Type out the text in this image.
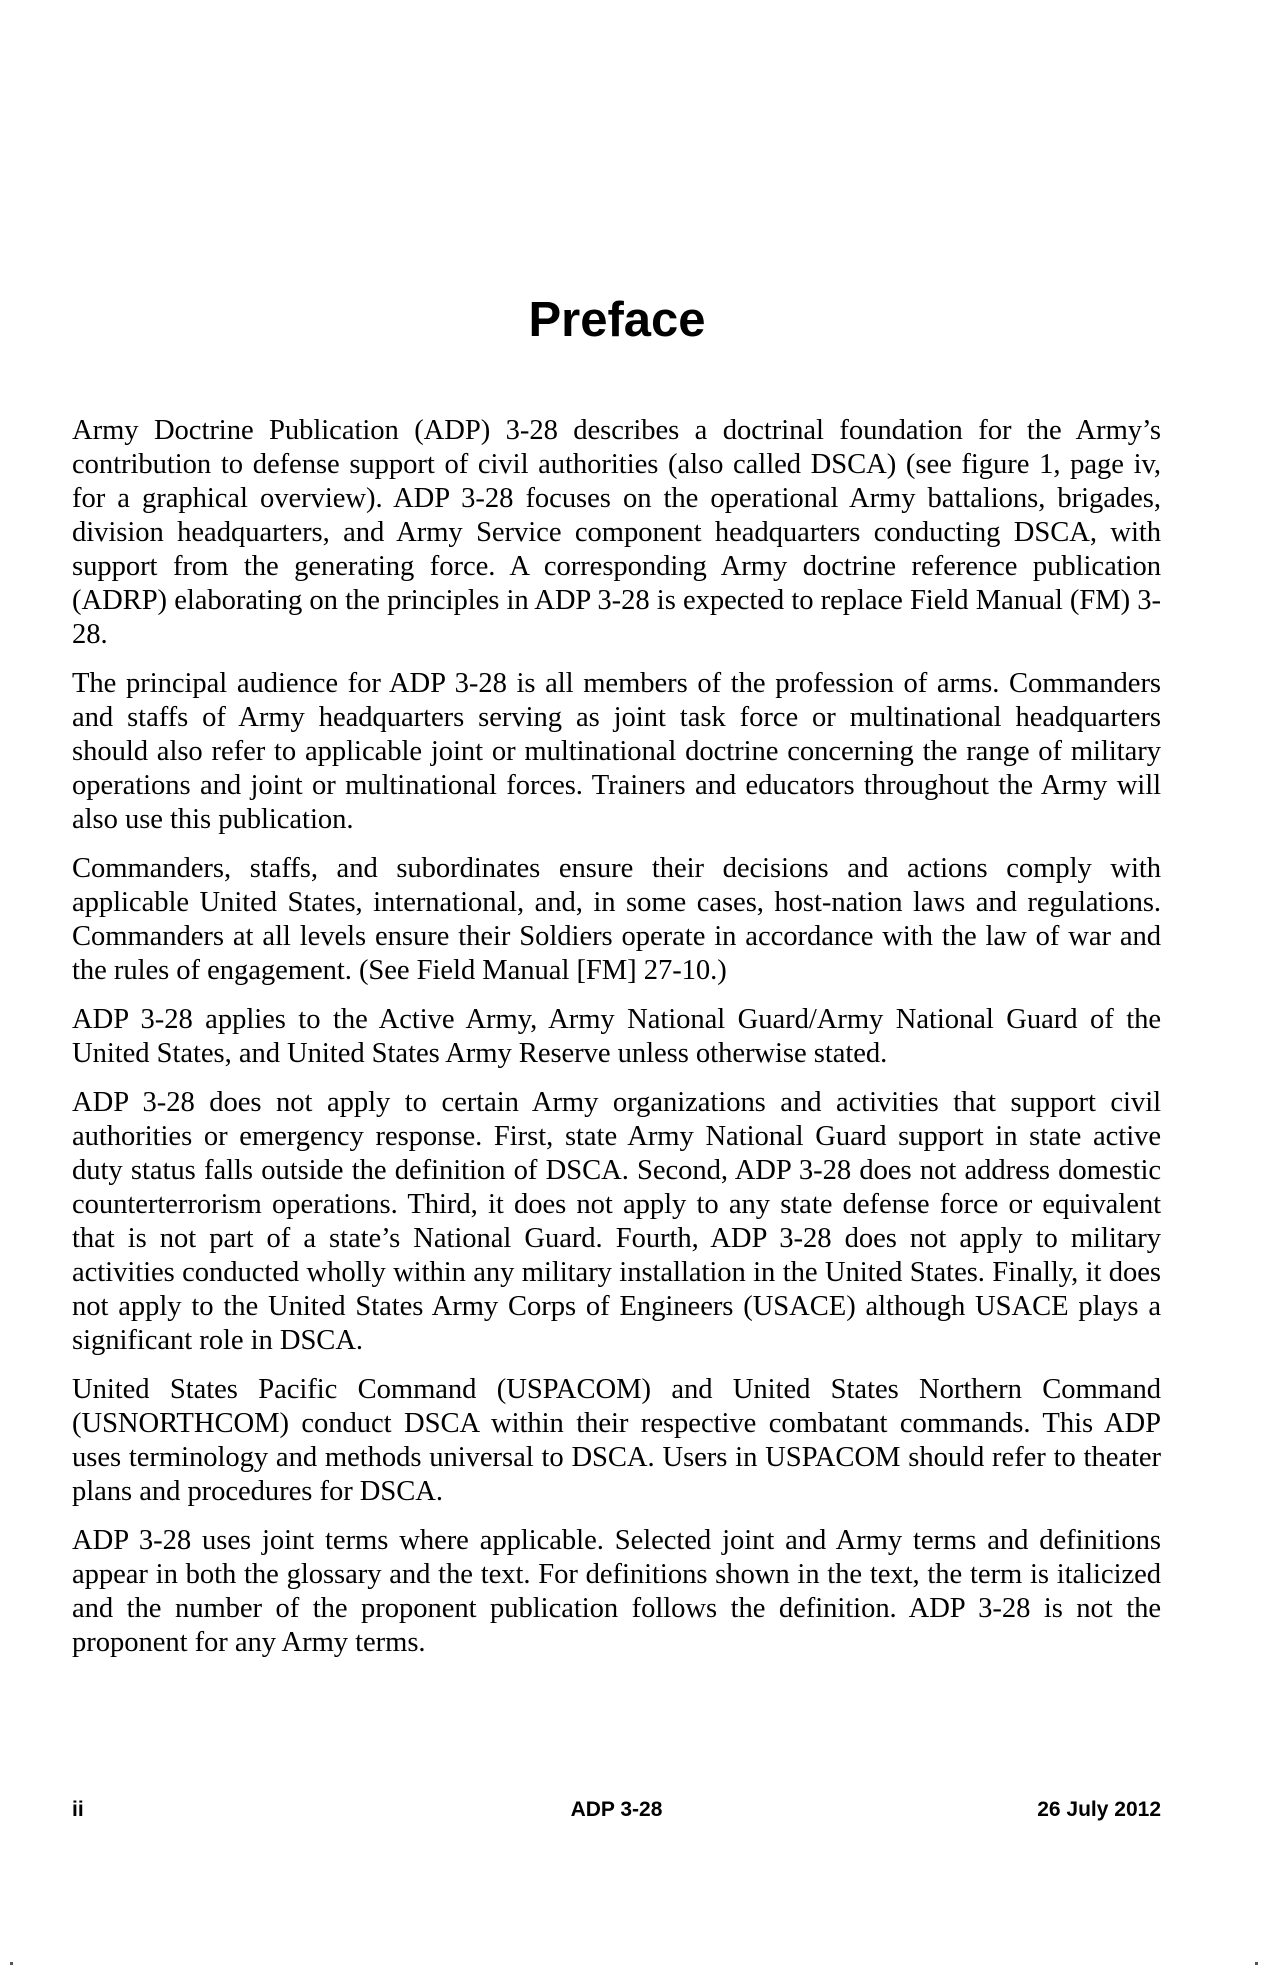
Preface

Army Doctrine Publication (ADP) 3-28 describes a doctrinal foundation for the Army’s contribution to defense support of civil authorities (also called DSCA) (see figure 1, page iv, for a graphical overview). ADP 3-28 focuses on the operational Army battalions, brigades, division headquarters, and Army Service component headquarters conducting DSCA, with support from the generating force. A corresponding Army doctrine reference publication (ADRP) elaborating on the principles in ADP 3-28 is expected to replace Field Manual (FM) 3-28.

The principal audience for ADP 3-28 is all members of the profession of arms. Commanders and staffs of Army headquarters serving as joint task force or multinational headquarters should also refer to applicable joint or multinational doctrine concerning the range of military operations and joint or multinational forces. Trainers and educators throughout the Army will also use this publication.

Commanders, staffs, and subordinates ensure their decisions and actions comply with applicable United States, international, and, in some cases, host-nation laws and regulations. Commanders at all levels ensure their Soldiers operate in accordance with the law of war and the rules of engagement. (See Field Manual [FM] 27-10.)

ADP 3-28 applies to the Active Army, Army National Guard/Army National Guard of the United States, and United States Army Reserve unless otherwise stated.

ADP 3-28 does not apply to certain Army organizations and activities that support civil authorities or emergency response. First, state Army National Guard support in state active duty status falls outside the definition of DSCA. Second, ADP 3-28 does not address domestic counterterrorism operations. Third, it does not apply to any state defense force or equivalent that is not part of a state’s National Guard. Fourth, ADP 3-28 does not apply to military activities conducted wholly within any military installation in the United States. Finally, it does not apply to the United States Army Corps of Engineers (USACE) although USACE plays a significant role in DSCA.

United States Pacific Command (USPACOM) and United States Northern Command (USNORTHCOM) conduct DSCA within their respective combatant commands. This ADP uses terminology and methods universal to DSCA. Users in USPACOM should refer to theater plans and procedures for DSCA.

ADP 3-28 uses joint terms where applicable. Selected joint and Army terms and definitions appear in both the glossary and the text. For definitions shown in the text, the term is italicized and the number of the proponent publication follows the definition. ADP 3-28 is not the proponent for any Army terms.

ii	ADP 3-28	26 July 2012
